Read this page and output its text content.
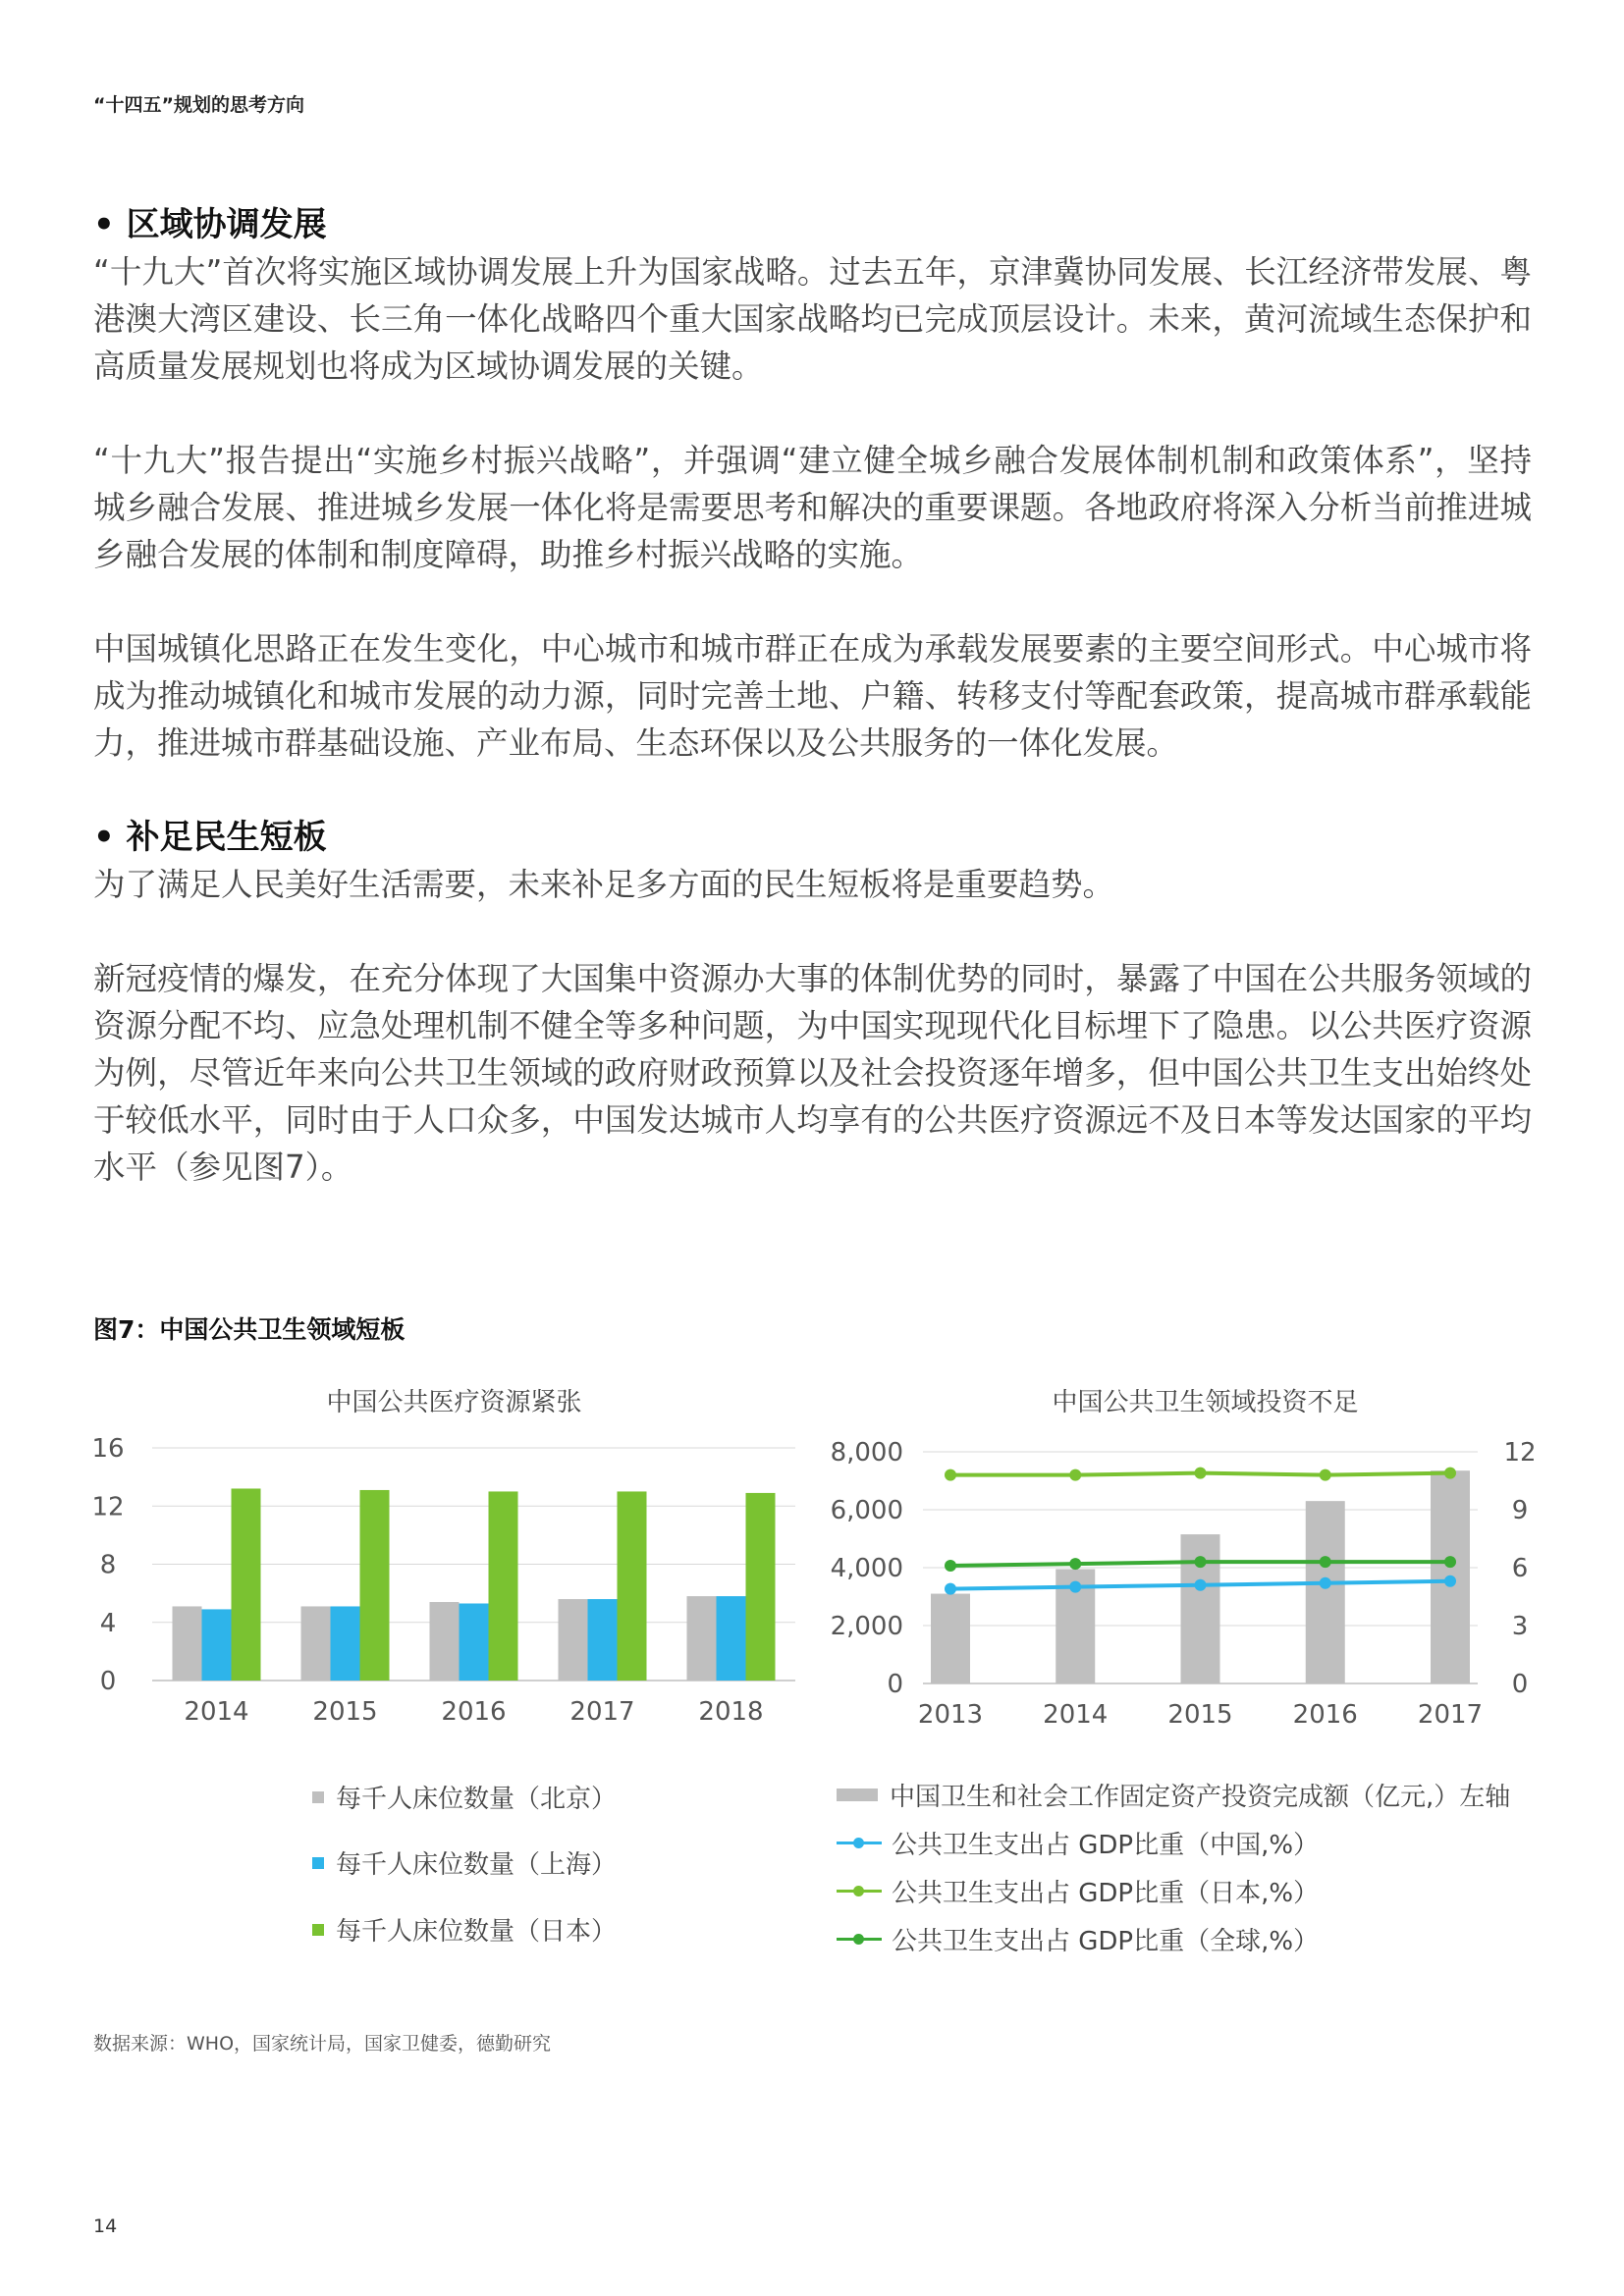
“十四五”规划的思考方向

• 区域协调发展

“十九大”首次将实施区域协调发展上升为国家战略。过去五年，京津冀协同发展、长江经济带发展、粤港澳大湾区建设、长三角一体化战略四个重大国家战略均已完成顶层设计。未来，黄河流域生态保护和高质量发展规划也将成为区域协调发展的关键。

“十九大”报告提出“实施乡村振兴战略”，并强调“建立健全城乡融合发展体制机制和政策体系”，坚持城乡融合发展、推进城乡发展一体化将是需要思考和解决的重要课题。各地政府将深入分析当前推进城乡融合发展的体制和制度障碍，助推乡村振兴战略的实施。

中国城镇化思路正在发生变化，中心城市和城市群正在成为承载发展要素的主要空间形式。中心城市将成为推动城镇化和城市发展的动力源，同时完善土地、户籍、转移支付等配套政策，提高城市群承载能力，推进城市群基础设施、产业布局、生态环保以及公共服务的一体化发展。

• 补足民生短板

为了满足人民美好生活需要，未来补足多方面的民生短板将是重要趋势。

新冠疫情的爆发，在充分体现了大国集中资源办大事的体制优势的同时，暴露了中国在公共服务领域的资源分配不均、应急处理机制不健全等多种问题，为中国实现现代化目标埋下了隐患。以公共医疗资源为例，尽管近年来向公共卫生领域的政府财政预算以及社会投资逐年增多，但中国公共卫生支出始终处于较低水平，同时由于人口众多，中国发达城市人均享有的公共医疗资源远不及日本等发达国家的平均水平（参见图7）。

图7：中国公共卫生领域短板
中国公共医疗资源紧张
0
4
8
12
16
2014 2015 2016 2017 2018
中国公共卫生领域投资不足
0
2,000
4,000
6,000
8,000
0
3
6
9
12
2013 2014 2015 2016 2017
每千人床位数量（北京）
每千人床位数量（上海）
每千人床位数量（日本）
中国卫生和社会工作固定资产投资完成额（亿元,）左轴
公共卫生支出占 GDP比重（中国,%）
公共卫生支出占 GDP比重（日本,%）
公共卫生支出占 GDP比重（全球,%）
数据来源：WHO，国家统计局，国家卫健委，德勤研究
14
